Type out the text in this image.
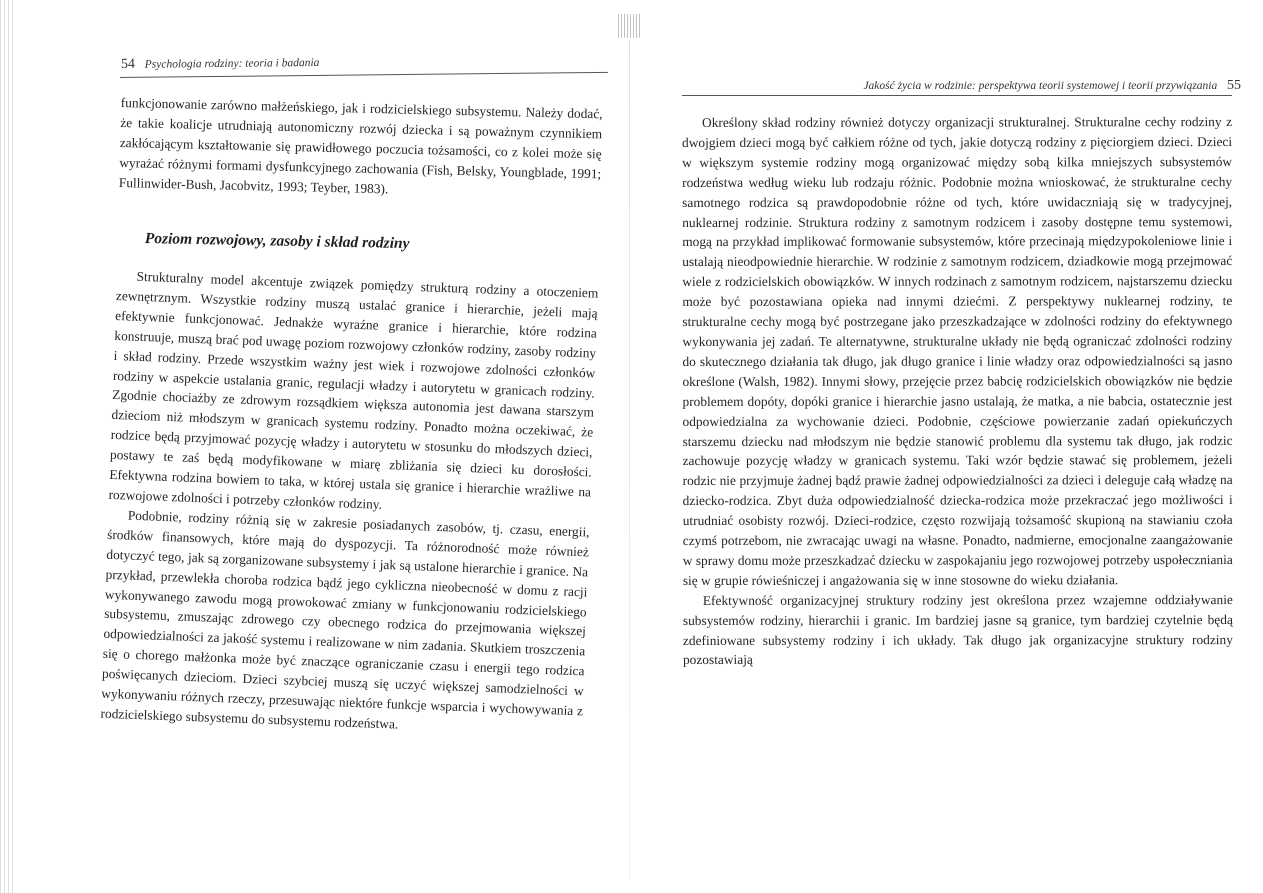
54 Psychologia rodziny: teoria i badania

funkcjonowanie zarówno małżeńskiego, jak i rodzicielskiego subsystemu. Należy dodać, że takie koalicje utrudniają autonomiczny rozwój dziecka i są poważnym czynnikiem zakłócającym kształtowanie się prawidłowego poczucia tożsamości, co z kolei może się wyrażać różnymi formami dysfunkcyjnego zachowania (Fish, Belsky, Youngblade, 1991; Fullinwider-Bush, Jacobvitz, 1993; Teyber, 1983).

Poziom rozwojowy, zasoby i skład rodziny

Strukturalny model akcentuje związek pomiędzy strukturą rodziny a otoczeniem zewnętrznym. Wszystkie rodziny muszą ustalać granice i hierarchie, jeżeli mają efektywnie funkcjonować. Jednakże wyraźne granice i hierarchie, które rodzina konstruuje, muszą brać pod uwagę poziom rozwojowy członków rodziny, zasoby rodziny i skład rodziny. Przede wszystkim ważny jest wiek i rozwojowe zdolności członków rodziny w aspekcie ustalania granic, regulacji władzy i autorytetu w granicach rodziny. Zgodnie chociażby ze zdrowym rozsądkiem większa autonomia jest dawana starszym dzieciom niż młodszym w granicach systemu rodziny. Ponadto można oczekiwać, że rodzice będą przyjmować pozycję władzy i autorytetu w stosunku do młodszych dzieci, postawy te zaś będą modyfikowane w miarę zbliżania się dzieci ku dorosłości. Efektywna rodzina bowiem to taka, w której ustala się granice i hierarchie wrażliwe na rozwojowe zdolności i potrzeby członków rodziny.

Podobnie, rodziny różnią się w zakresie posiadanych zasobów, tj. czasu, energii, środków finansowych, które mają do dyspozycji. Ta różnorodność może również dotyczyć tego, jak są zorganizowane subsystemy i jak są ustalone hierarchie i granice. Na przykład, przewlekła choroba rodzica bądź jego cykliczna nieobecność w domu z racji wykonywanego zawodu mogą prowokować zmiany w funkcjonowaniu rodzicielskiego subsystemu, zmuszając zdrowego czy obecnego rodzica do przejmowania większej odpowiedzialności za jakość systemu i realizowane w nim zadania. Skutkiem troszczenia się o chorego małżonka może być znaczące ograniczanie czasu i energii tego rodzica poświęcanych dzieciom. Dzieci szybciej muszą się uczyć większej samodzielności w wykonywaniu różnych rzeczy, przesuwając niektóre funkcje wsparcia i wychowywania z rodzicielskiego subsystemu do subsystemu rodzeństwa.

Jakość życia w rodzinie: perspektywa teorii systemowej i teorii przywiązania 55

Określony skład rodziny również dotyczy organizacji strukturalnej. Strukturalne cechy rodziny z dwojgiem dzieci mogą być całkiem różne od tych, jakie dotyczą rodziny z pięciorgiem dzieci. Dzieci w większym systemie rodziny mogą organizować między sobą kilka mniejszych subsystemów rodzeństwa według wieku lub rodzaju różnic. Podobnie można wnioskować, że strukturalne cechy samotnego rodzica są prawdopodobnie różne od tych, które uwidaczniają się w tradycyjnej, nuklearnej rodzinie. Struktura rodziny z samotnym rodzicem i zasoby dostępne temu systemowi, mogą na przykład implikować formowanie subsystemów, które przecinają międzypokoleniowe linie i ustalają nieodpowiednie hierarchie. W rodzinie z samotnym rodzicem, dziadkowie mogą przejmować wiele z rodzicielskich obowiązków. W innych rodzinach z samotnym rodzicem, najstarszemu dziecku może być pozostawiana opieka nad innymi dziećmi. Z perspektywy nuklearnej rodziny, te strukturalne cechy mogą być postrzegane jako przeszkadzające w zdolności rodziny do efektywnego wykonywania jej zadań. Te alternatywne, strukturalne układy nie będą ograniczać zdolności rodziny do skutecznego działania tak długo, jak długo granice i linie władzy oraz odpowiedzialności są jasno określone (Walsh, 1982). Innymi słowy, przejęcie przez babcię rodzicielskich obowiązków nie będzie problemem dopóty, dopóki granice i hierarchie jasno ustalają, że matka, a nie babcia, ostatecznie jest odpowiedzialna za wychowanie dzieci. Podobnie, częściowe powierzanie zadań opiekuńczych starszemu dziecku nad młodszym nie będzie stanowić problemu dla systemu tak długo, jak rodzic zachowuje pozycję władzy w granicach systemu. Taki wzór będzie stawać się problemem, jeżeli rodzic nie przyjmuje żadnej bądź prawie żadnej odpowiedzialności za dzieci i deleguje całą władzę na dziecko-rodzica. Zbyt duża odpowiedzialność dziecka-rodzica może przekraczać jego możliwości i utrudniać osobisty rozwój. Dzieci-rodzice, często rozwijają tożsamość skupioną na stawianiu czoła czymś potrzebom, nie zwracając uwagi na własne. Ponadto, nadmierne, emocjonalne zaangażowanie w sprawy domu może przeszkadzać dziecku w zaspokajaniu jego rozwojowej potrzeby uspołeczniania się w grupie rówieśniczej i angażowania się w inne stosowne do wieku działania.

Efektywność organizacyjnej struktury rodziny jest określona przez wzajemne oddziaływanie subsystemów rodziny, hierarchii i granic. Im bardziej jasne są granice, tym bardziej czytelnie będą zdefiniowane subsystemy rodziny i ich układy. Tak długo jak organizacyjne struktury rodziny pozostawiają
